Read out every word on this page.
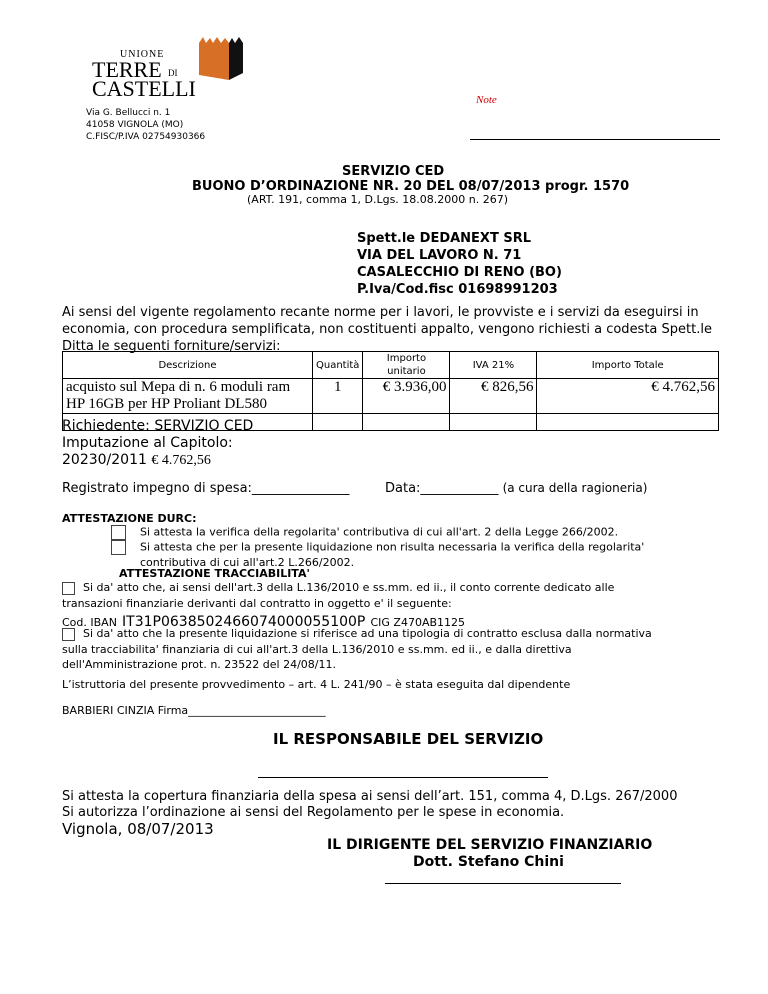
UNIONE
TERRE DI
CASTELLI
Via G. Bellucci n. 1
41058 VIGNOLA (MO)
C.FISC/P.IVA 02754930366
Note
SERVIZIO CED
BUONO D’ORDINAZIONE NR. 20 DEL 08/07/2013 progr. 1570
(ART. 191, comma 1, D.Lgs. 18.08.2000 n. 267)
Spett.le DEDANEXT SRL
VIA DEL LAVORO N. 71
CASALECCHIO DI RENO (BO)
P.Iva/Cod.fisc 01698991203
Ai sensi del vigente regolamento recante norme per i lavori, le provviste e i servizi da eseguirsi in
economia, con procedura semplificata, non costituenti appalto, vengono richiesti a codesta Spett.le
Ditta le seguenti forniture/servizi:
Descrizione	Quantità	Importo unitario	IVA 21%	Importo Totale

acquisto sul Mepa di n. 6 moduli ram
HP 16GB per HP Proliant DL580	1	€ 3.936,00	€ 826,56	€ 4.762,56

Richiedente: SERVIZIO CED
Imputazione al Capitolo:
20230/2011 € 4.762,56
Registrato impegno di spesa:_______________	Data:____________ (a cura della ragioneria)
ATTESTAZIONE DURC:
Si attesta la verifica della regolarita' contributiva di cui all'art. 2 della Legge 266/2002.
Si attesta che per la presente liquidazione non risulta necessaria la verifica della regolarita'
contributiva di cui all'art.2 L.266/2002.
ATTESTAZIONE TRACCIABILITA'
Si da' atto che, ai sensi dell'art.3 della L.136/2010 e ss.mm. ed ii., il conto corrente dedicato alle
transazioni finanziarie derivanti dal contratto in oggetto e' il seguente:
Cod. IBAN IT31P0638502466074000055100P CIG Z470AB1125
Si da' atto che la presente liquidazione si riferisce ad una tipologia di contratto esclusa dalla normativa
sulla tracciabilita' finanziaria di cui all'art.3 della L.136/2010 e ss.mm. ed ii., e dalla direttiva
dell'Amministrazione prot. n. 23522 del 24/08/11.
L’istruttoria del presente provvedimento – art. 4 L. 241/90 – è stata eseguita dal dipendente
BARBIERI CINZIA Firma_________________________
IL RESPONSABILE DEL SERVIZIO
Si attesta la copertura finanziaria della spesa ai sensi dell’art. 151, comma 4, D.Lgs. 267/2000
Si autorizza l’ordinazione ai sensi del Regolamento per le spese in economia.
Vignola, 08/07/2013
IL DIRIGENTE DEL SERVIZIO FINANZIARIO
Dott. Stefano Chini
